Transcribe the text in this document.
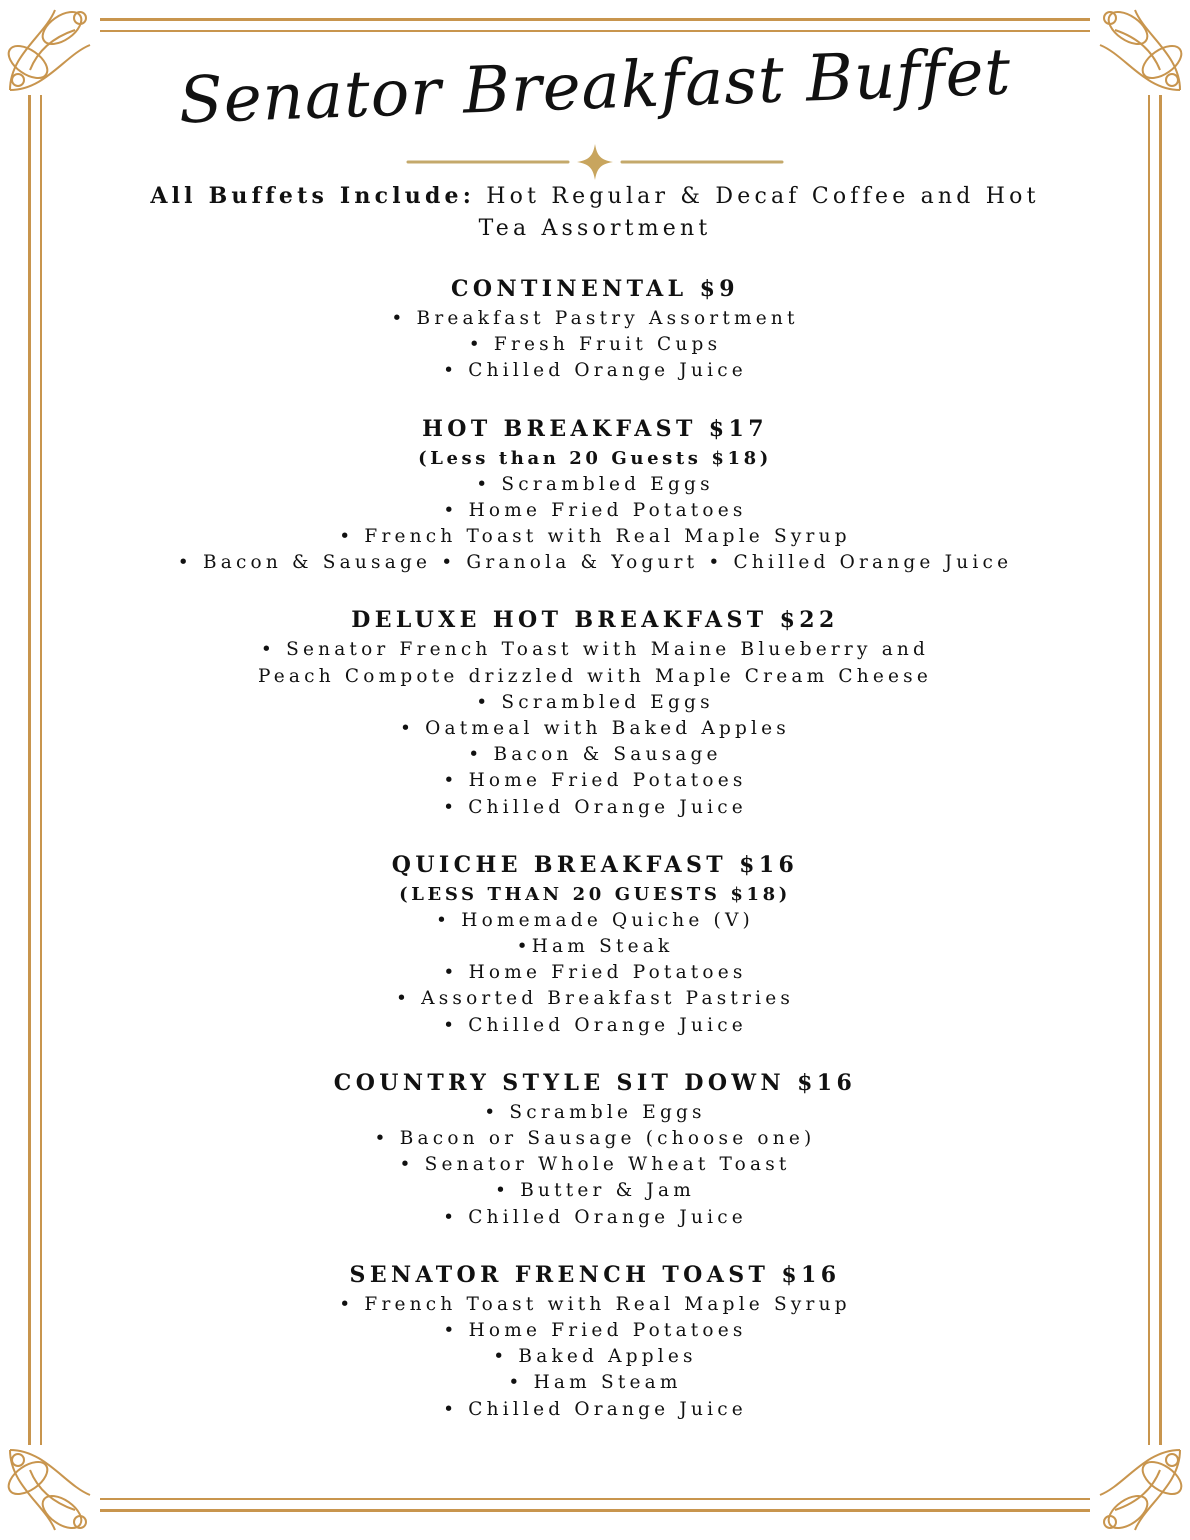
Senator Breakfast Buffet
All Buffets Include: Hot Regular & Decaf Coffee and Hot Tea Assortment
CONTINENTAL $9
• Breakfast Pastry Assortment
• Fresh Fruit Cups
• Chilled Orange Juice
HOT BREAKFAST $17
(Less than 20 Guests $18)
• Scrambled Eggs
• Home Fried Potatoes
• French Toast with Real Maple Syrup
• Bacon & Sausage • Granola & Yogurt • Chilled Orange Juice
DELUXE HOT BREAKFAST $22
• Senator French Toast with Maine Blueberry and
Peach Compote drizzled with Maple Cream Cheese
• Scrambled Eggs
• Oatmeal with Baked Apples
• Bacon & Sausage
• Home Fried Potatoes
• Chilled Orange Juice
QUICHE BREAKFAST $16
(LESS THAN 20 GUESTS $18)
• Homemade Quiche (V)
•Ham Steak
• Home Fried Potatoes
• Assorted Breakfast Pastries
• Chilled Orange Juice
COUNTRY STYLE SIT DOWN $16
• Scramble Eggs
• Bacon or Sausage (choose one)
• Senator Whole Wheat Toast
• Butter & Jam
• Chilled Orange Juice
SENATOR FRENCH TOAST $16
• French Toast with Real Maple Syrup
• Home Fried Potatoes
• Baked Apples
• Ham Steam
• Chilled Orange Juice
